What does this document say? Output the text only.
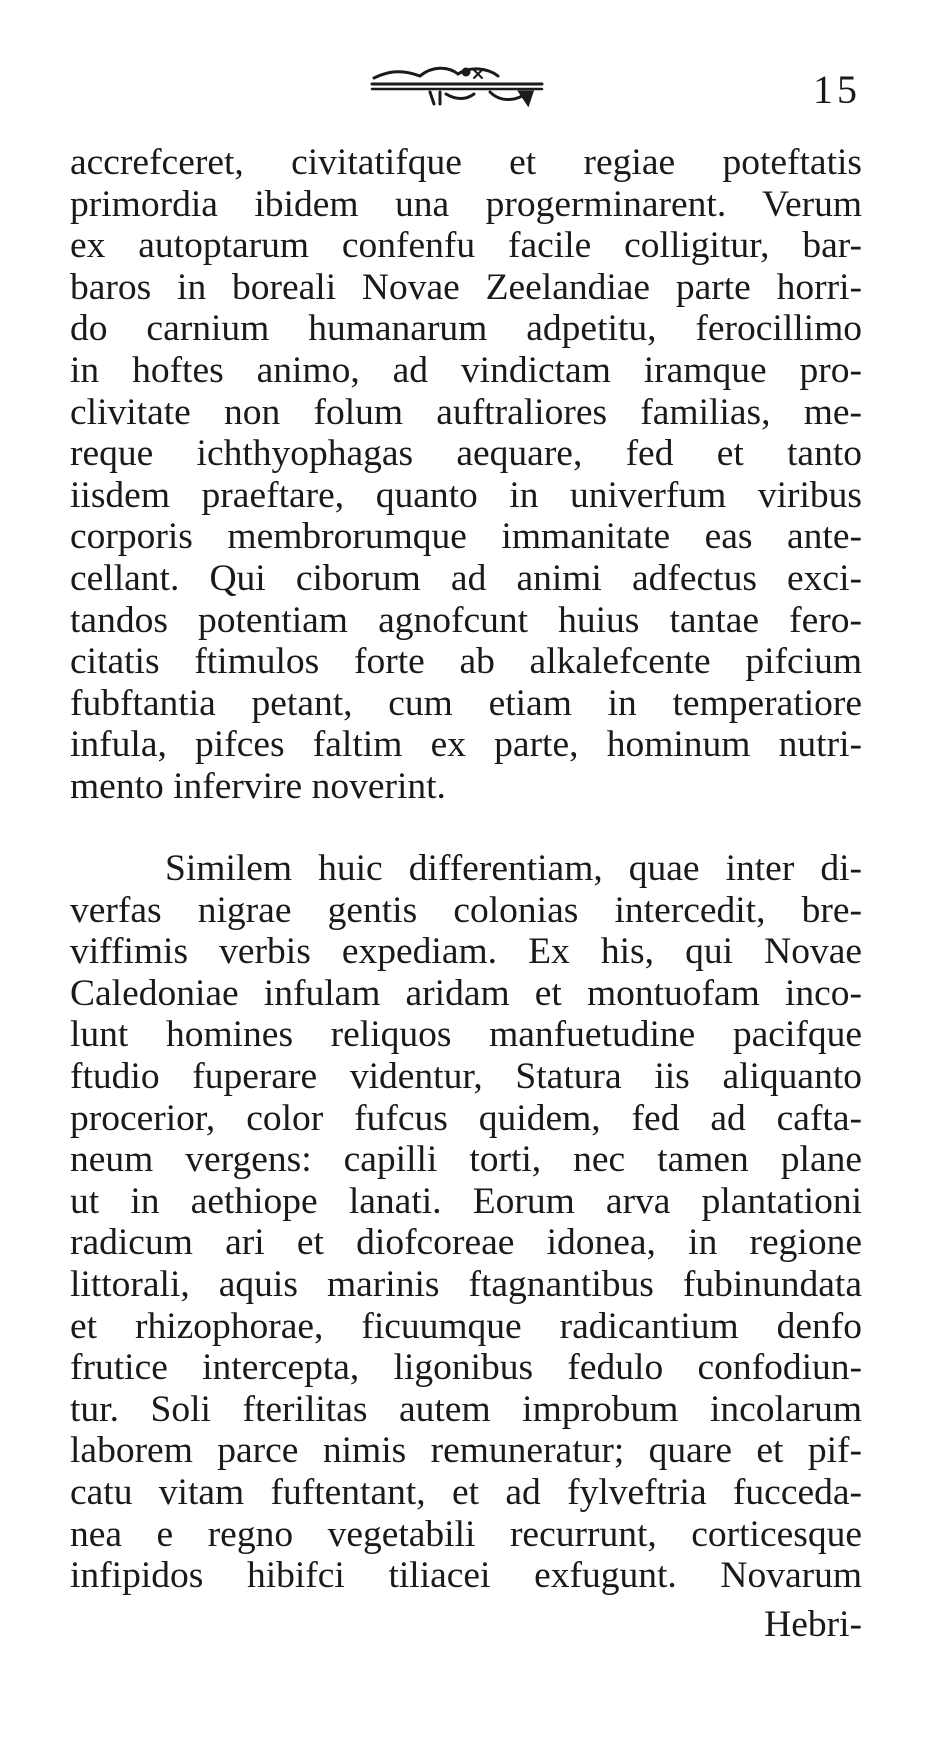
15
accrefceret, civitatifque et regiae poteftatis
primordia ibidem una progerminarent. Verum
ex autoptarum confenfu facile colligitur, bar-
baros in boreali Novae Zeelandiae parte horri-
do carnium humanarum adpetitu, ferocillimo
in hoftes animo, ad vindictam iramque pro-
clivitate non folum auftraliores familias, me-
reque ichthyophagas aequare, fed et tanto
iisdem praeftare, quanto in univerfum viribus
corporis membrorumque immanitate eas ante-
cellant. Qui ciborum ad animi adfectus exci-
tandos potentiam agnofcunt huius tantae fero-
citatis ftimulos forte ab alkalefcente pifcium
fubftantia petant, cum etiam in temperatiore
infula, pifces faltim ex parte, hominum nutri-
mento infervire noverint.
Similem huic differentiam, quae inter di-
verfas nigrae gentis colonias intercedit, bre-
viffimis verbis expediam. Ex his, qui Novae
Caledoniae infulam aridam et montuofam inco-
lunt homines reliquos manfuetudine pacifque
ftudio fuperare videntur, Statura iis aliquanto
procerior, color fufcus quidem, fed ad cafta-
neum vergens: capilli torti, nec tamen plane
ut in aethiope lanati. Eorum arva plantationi
radicum ari et diofcoreae idonea, in regione
littorali, aquis marinis ftagnantibus fubinundata
et rhizophorae, ficuumque radicantium denfo
frutice intercepta, ligonibus fedulo confodiun-
tur. Soli fterilitas autem improbum incolarum
laborem parce nimis remuneratur; quare et pif-
catu vitam fuftentant, et ad fylveftria fucceda-
nea e regno vegetabili recurrunt, corticesque
infipidos hibifci tiliacei exfugunt. Novarum
Hebri-
